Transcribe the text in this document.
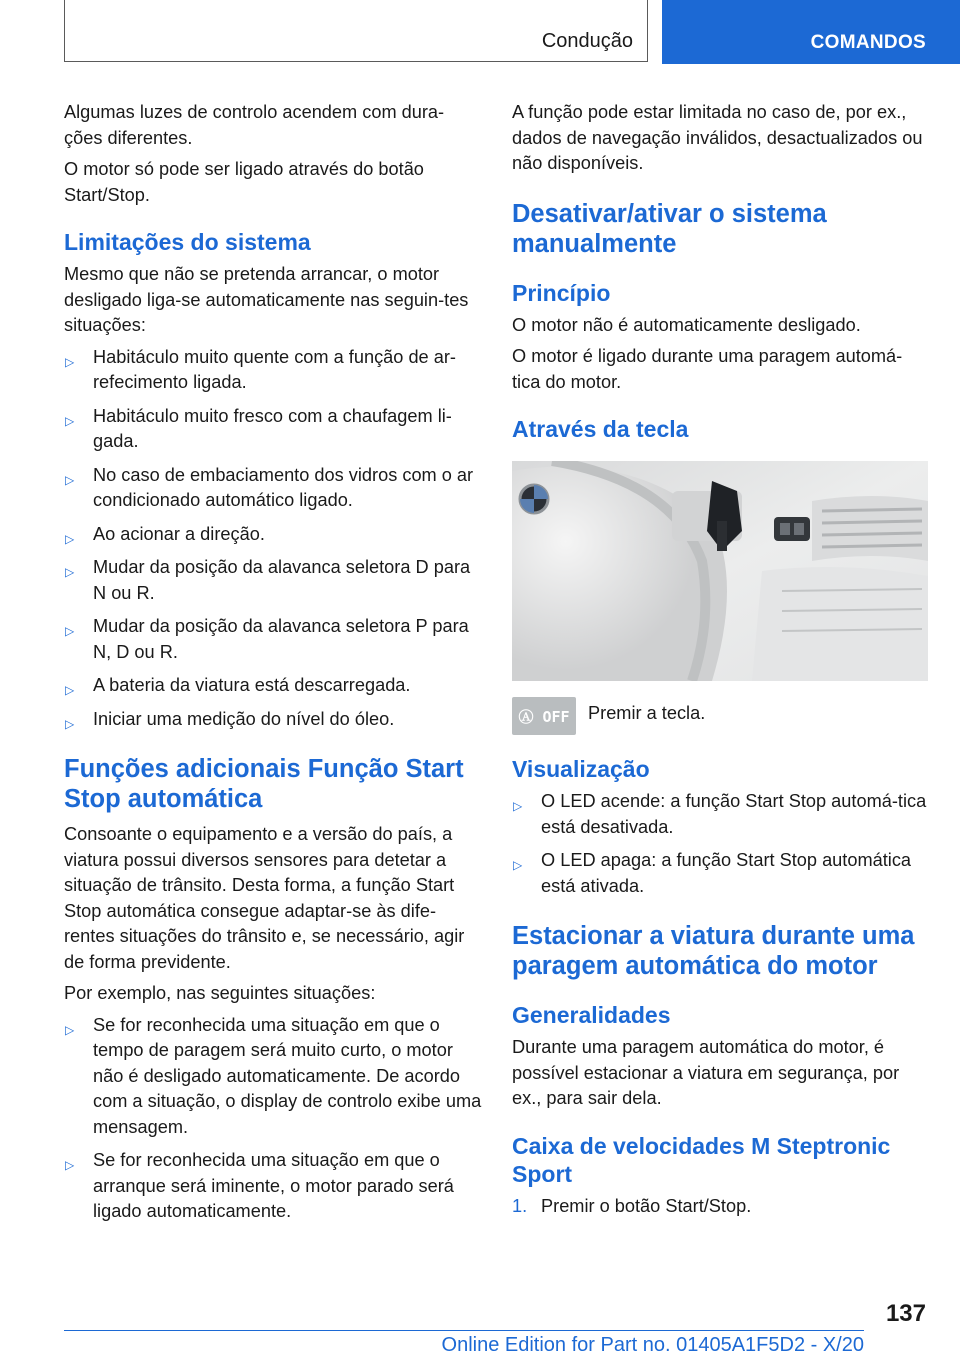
Condução	COMANDOS

Algumas luzes de controlo acendem com dura-ções diferentes.

O motor só pode ser ligado através do botão Start/Stop.

Limitações do sistema

Mesmo que não se pretenda arrancar, o motor desligado liga-se automaticamente nas seguin-tes situações:

▷ Habitáculo muito quente com a função de ar-refecimento ligada.
▷ Habitáculo muito fresco com a chaufagem li-gada.
▷ No caso de embaciamento dos vidros com o ar condicionado automático ligado.
▷ Ao acionar a direção.
▷ Mudar da posição da alavanca seletora D para N ou R.
▷ Mudar da posição da alavanca seletora P para N, D ou R.
▷ A bateria da viatura está descarregada.
▷ Iniciar uma medição do nível do óleo.
Funções adicionais Função Start Stop automática

Consoante o equipamento e a versão do país, a viatura possui diversos sensores para detetar a situação de trânsito. Desta forma, a função Start Stop automática consegue adaptar-se às dife-rentes situações do trânsito e, se necessário, agir de forma previdente.

Por exemplo, nas seguintes situações:

▷ Se for reconhecida uma situação em que o tempo de paragem será muito curto, o motor não é desligado automaticamente. De acordo com a situação, o display de controlo exibe uma mensagem.
▷ Se for reconhecida uma situação em que o arranque será iminente, o motor parado será ligado automaticamente.

A função pode estar limitada no caso de, por ex., dados de navegação inválidos, desactualizados ou não disponíveis.

Desativar/ativar o sistema manualmente
Princípio

O motor não é automaticamente desligado.

O motor é ligado durante uma paragem automá-tica do motor.

Através da tecla
Ⓐ OFF Premir a tecla.

Visualização
▷ O LED acende: a função Start Stop automá-tica está desativada.
▷ O LED apaga: a função Start Stop automática está ativada.
Estacionar a viatura durante uma paragem automática do motor
Generalidades

Durante uma paragem automática do motor, é possível estacionar a viatura em segurança, por ex., para sair dela.

Caixa de velocidades M Steptronic Sport
1. Premir o botão Start/Stop.
137
Online Edition for Part no. 01405A1F5D2 - X/20
